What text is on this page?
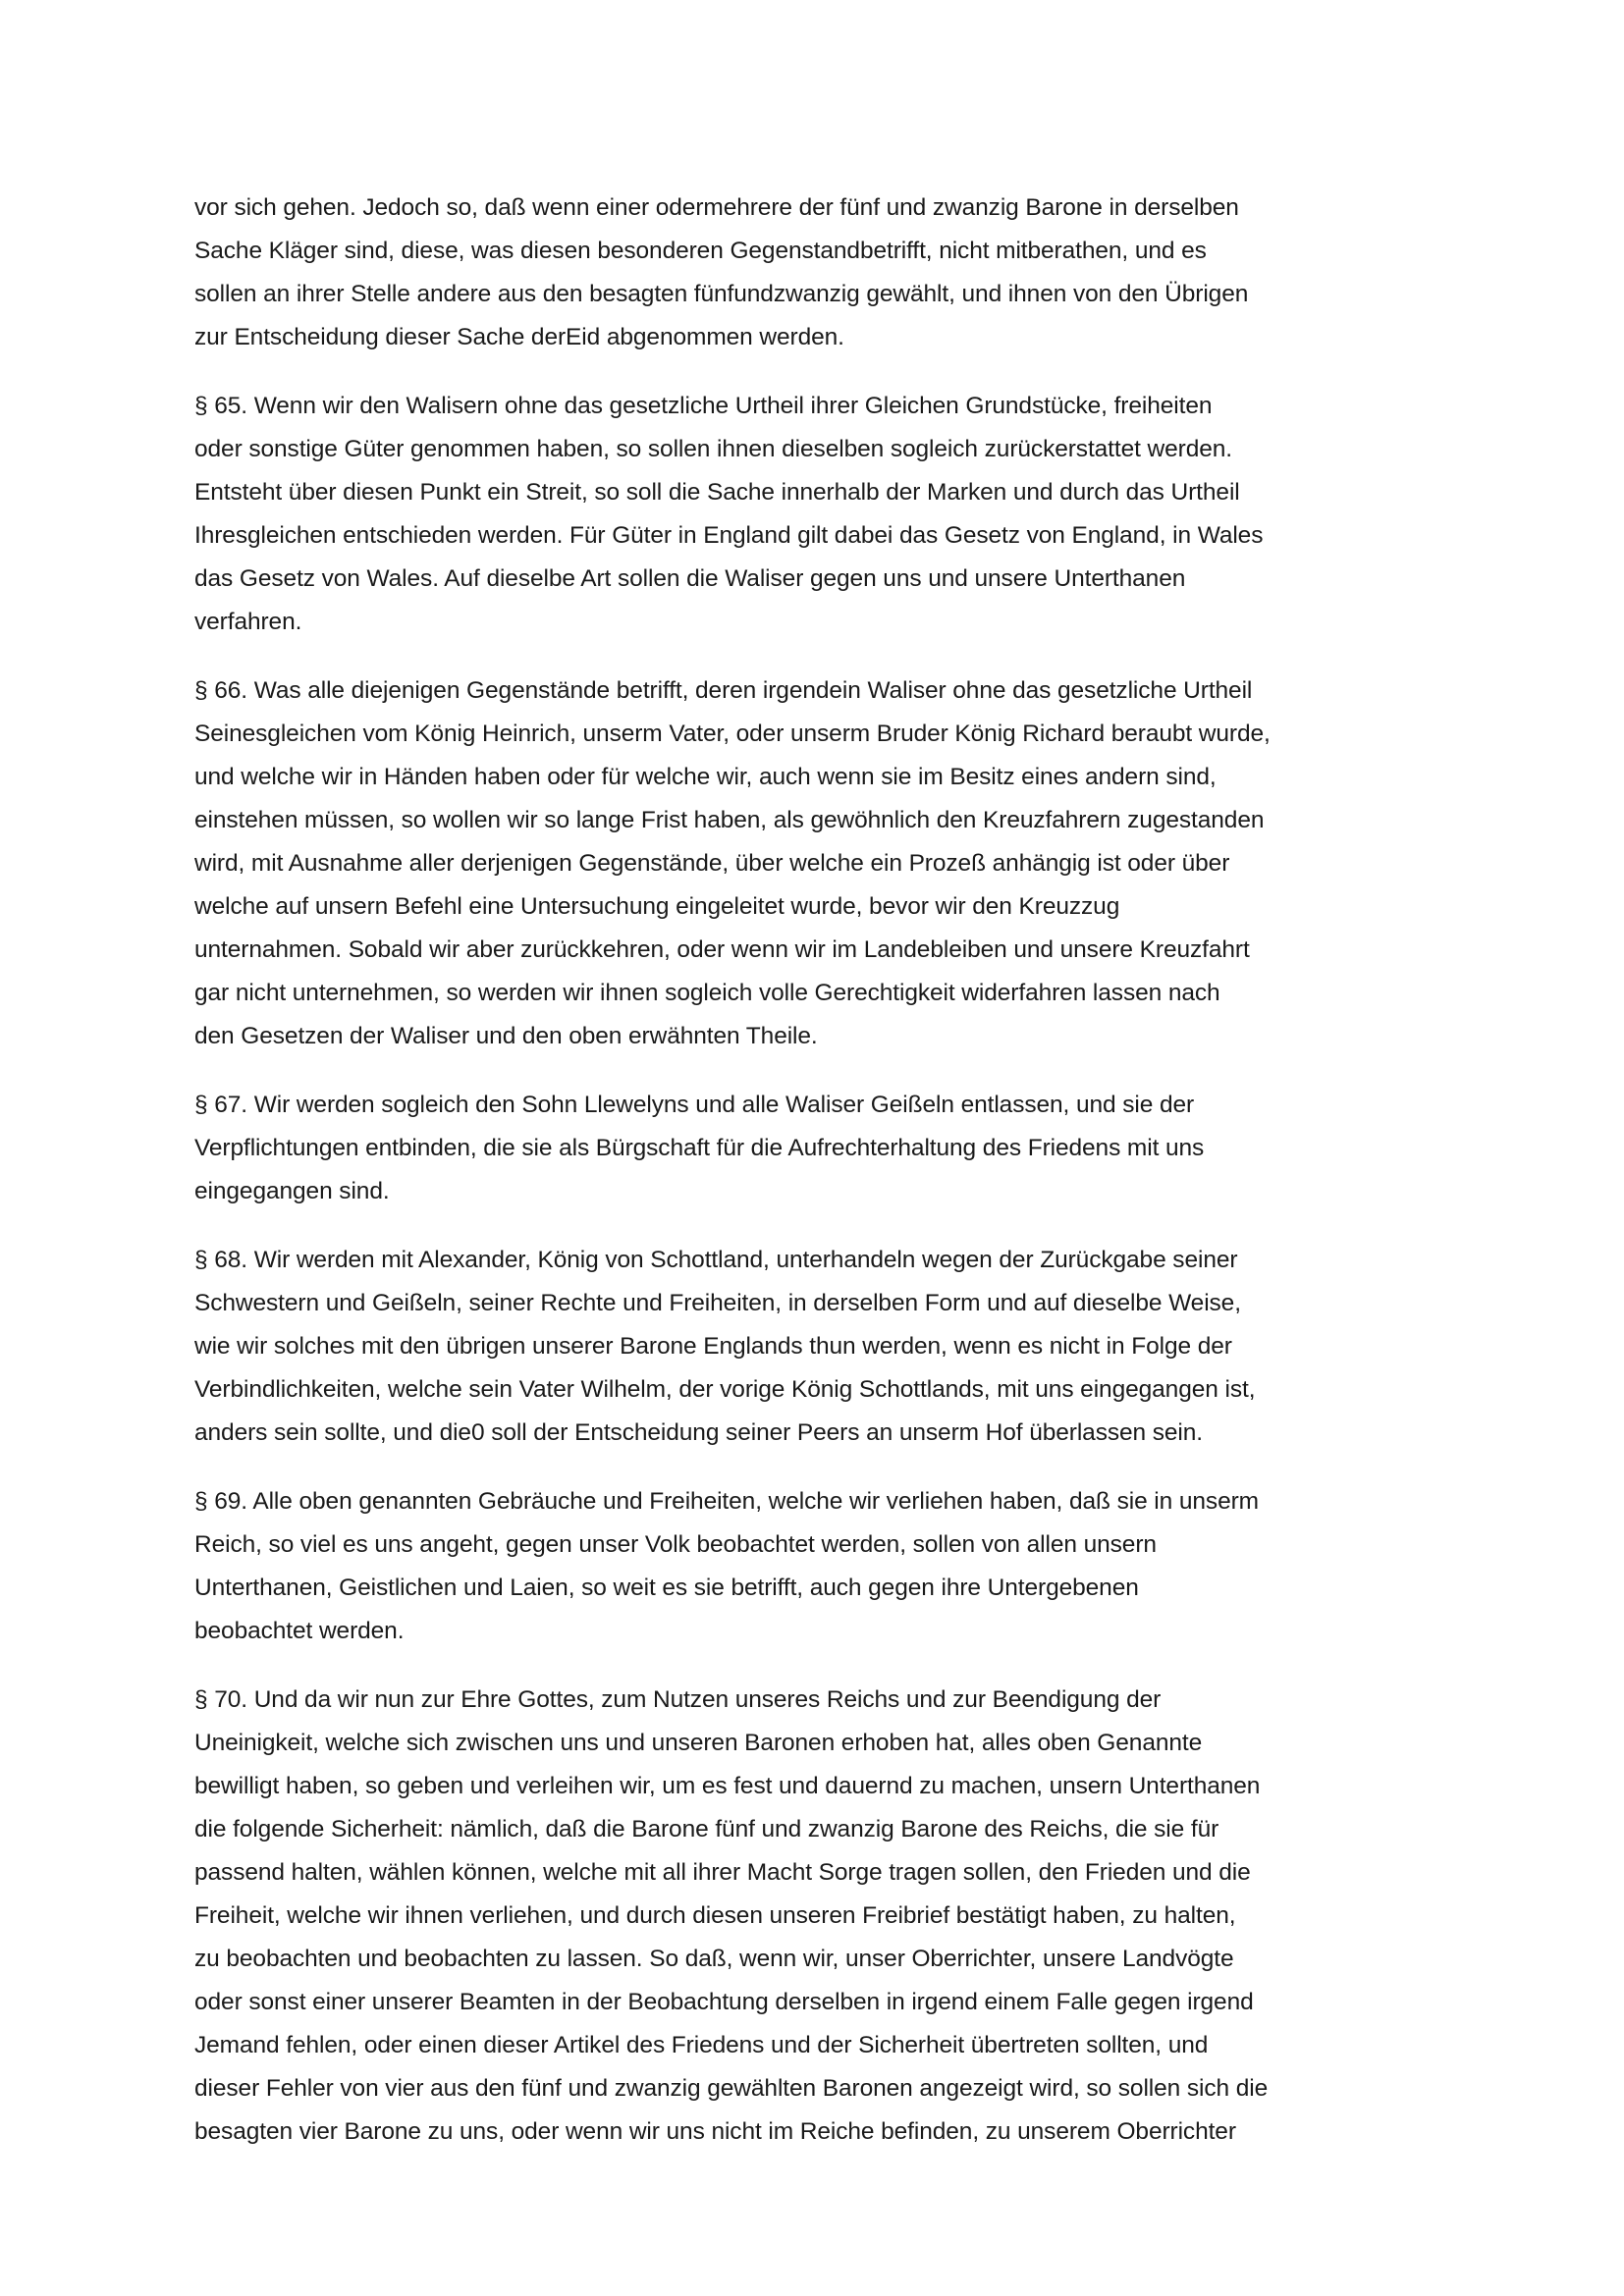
vor sich gehen. Jedoch so, daß wenn einer odermehrere der fünf und zwanzig Barone in derselben
Sache Kläger sind, diese, was diesen besonderen Gegenstandbetrifft, nicht mitberathen, und es
sollen an ihrer Stelle andere aus den besagten fünfundzwanzig gewählt, und ihnen von den Übrigen
zur Entscheidung dieser Sache derEid abgenommen werden.

§ 65. Wenn wir den Walisern ohne das gesetzliche Urtheil ihrer Gleichen Grundstücke, freiheiten
oder sonstige Güter genommen haben, so sollen ihnen dieselben sogleich zurückerstattet werden.
Entsteht über diesen Punkt ein Streit, so soll die Sache innerhalb der Marken und durch das Urtheil
Ihresgleichen entschieden werden. Für Güter in England gilt dabei das Gesetz von England, in Wales
das Gesetz von Wales. Auf dieselbe Art sollen die Waliser gegen uns und unsere Unterthanen
verfahren.

§ 66. Was alle diejenigen Gegenstände betrifft, deren irgendein Waliser ohne das gesetzliche Urtheil
Seinesgleichen vom König Heinrich, unserm Vater, oder unserm Bruder König Richard beraubt wurde,
und welche wir in Händen haben oder für welche wir, auch wenn sie im Besitz eines andern sind,
einstehen müssen, so wollen wir so lange Frist haben, als gewöhnlich den Kreuzfahrern zugestanden
wird, mit Ausnahme aller derjenigen Gegenstände, über welche ein Prozeß anhängig ist oder über
welche auf unsern Befehl eine Untersuchung eingeleitet wurde, bevor wir den Kreuzzug
unternahmen. Sobald wir aber zurückkehren, oder wenn wir im Landebleiben und unsere Kreuzfahrt
gar nicht unternehmen, so werden wir ihnen sogleich volle Gerechtigkeit widerfahren lassen nach
den Gesetzen der Waliser und den oben erwähnten Theile.

§ 67. Wir werden sogleich den Sohn Llewelyns und alle Waliser Geißeln entlassen, und sie der
Verpflichtungen entbinden, die sie als Bürgschaft für die Aufrechterhaltung des Friedens mit uns
eingegangen sind.

§ 68. Wir werden mit Alexander, König von Schottland, unterhandeln wegen der Zurückgabe seiner
Schwestern und Geißeln, seiner Rechte und Freiheiten, in derselben Form und auf dieselbe Weise,
wie wir solches mit den übrigen unserer Barone Englands thun werden, wenn es nicht in Folge der
Verbindlichkeiten, welche sein Vater Wilhelm, der vorige König Schottlands, mit uns eingegangen ist,
anders sein sollte, und die0 soll der Entscheidung seiner Peers an unserm Hof überlassen sein.

§ 69. Alle oben genannten Gebräuche und Freiheiten, welche wir verliehen haben, daß sie in unserm
Reich, so viel es uns angeht, gegen unser Volk beobachtet werden, sollen von allen unsern
Unterthanen, Geistlichen und Laien, so weit es sie betrifft, auch gegen ihre Untergebenen
beobachtet werden.

§ 70. Und da wir nun zur Ehre Gottes, zum Nutzen unseres Reichs und zur Beendigung der
Uneinigkeit, welche sich zwischen uns und unseren Baronen erhoben hat, alles oben Genannte
bewilligt haben, so geben und verleihen wir, um es fest und dauernd zu machen, unsern Unterthanen
die folgende Sicherheit: nämlich, daß die Barone fünf und zwanzig Barone des Reichs, die sie für
passend halten, wählen können, welche mit all ihrer Macht Sorge tragen sollen, den Frieden und die
Freiheit, welche wir ihnen verliehen, und durch diesen unseren Freibrief bestätigt haben, zu halten,
zu beobachten und beobachten zu lassen. So daß, wenn wir, unser Oberrichter, unsere Landvögte
oder sonst einer unserer Beamten in der Beobachtung derselben in irgend einem Falle gegen irgend
Jemand fehlen, oder einen dieser Artikel des Friedens und der Sicherheit übertreten sollten, und
dieser Fehler von vier aus den fünf und zwanzig gewählten Baronen angezeigt wird, so sollen sich die
besagten vier Barone zu uns, oder wenn wir uns nicht im Reiche befinden, zu unserem Oberrichter
